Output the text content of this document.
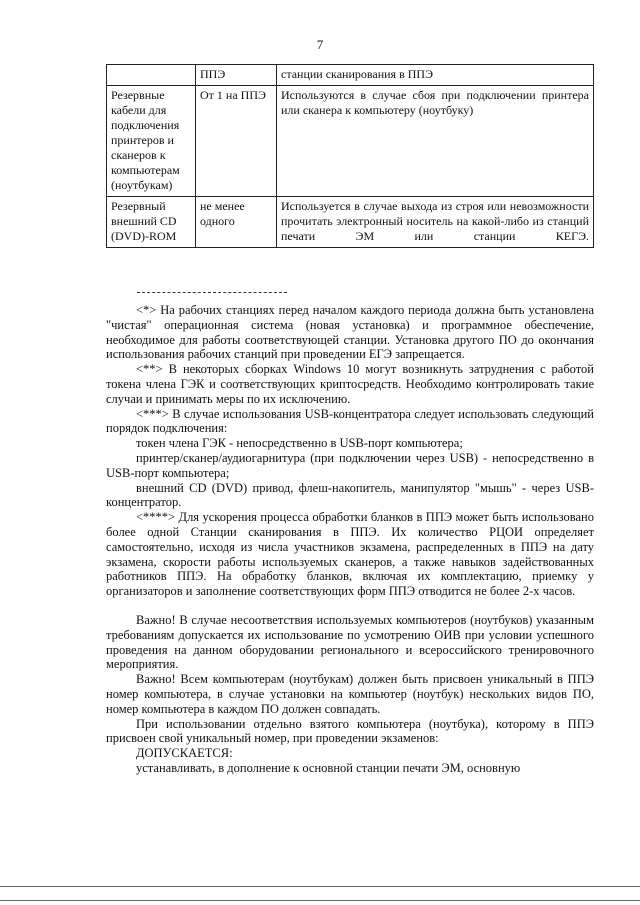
7
	ППЭ	станции сканирования в ППЭ
Резервные кабели для подключения принтеров и сканеров к компьютерам (ноутбукам)	От 1 на ППЭ	Используются в случае сбоя при подключении принтера или сканера к компьютеру (ноутбуку)
Резервный внешний CD (DVD)-ROM	не менее одного	Используется в случае выхода из строя или невозможности прочитать электронный носитель на какой-либо из станций печати ЭМ или станции КЕГЭ.

<*> На рабочих станциях перед началом каждого периода должна быть установлена "чистая" операционная система (новая установка) и программное обеспечение, необходимое для работы соответствующей станции. Установка другого ПО до окончания использования рабочих станций при проведении ЕГЭ запрещается.

<**> В некоторых сборках Windows 10 могут возникнуть затруднения с работой токена члена ГЭК и соответствующих криптосредств. Необходимо контролировать такие случаи и принимать меры по их исключению.

<***> В случае использования USB-концентратора следует использовать следующий порядок подключения:

токен члена ГЭК - непосредственно в USB-порт компьютера;

принтер/сканер/аудиогарнитура (при подключении через USB) - непосредственно в USB-порт компьютера;

внешний CD (DVD) привод, флеш-накопитель, манипулятор "мышь" - через USB-концентратор.

<****> Для ускорения процесса обработки бланков в ППЭ может быть использовано более одной Станции сканирования в ППЭ. Их количество РЦОИ определяет самостоятельно, исходя из числа участников экзамена, распределенных в ППЭ на дату экзамена, скорости работы используемых сканеров, а также навыков задействованных работников ППЭ. На обработку бланков, включая их комплектацию, приемку у организаторов и заполнение соответствующих форм ППЭ отводится не более 2-х часов.

Важно! В случае несоответствия используемых компьютеров (ноутбуков) указанным требованиям допускается их использование по усмотрению ОИВ при условии успешного проведения на данном оборудовании регионального и всероссийского тренировочного мероприятия.

Важно! Всем компьютерам (ноутбукам) должен быть присвоен уникальный в ППЭ номер компьютера, в случае установки на компьютер (ноутбук) нескольких видов ПО, номер компьютера в каждом ПО должен совпадать.

При использовании отдельно взятого компьютера (ноутбука), которому в ППЭ присвоен свой уникальный номер, при проведении экзаменов:

ДОПУСКАЕТСЯ:

устанавливать, в дополнение к основной станции печати ЭМ, основную
